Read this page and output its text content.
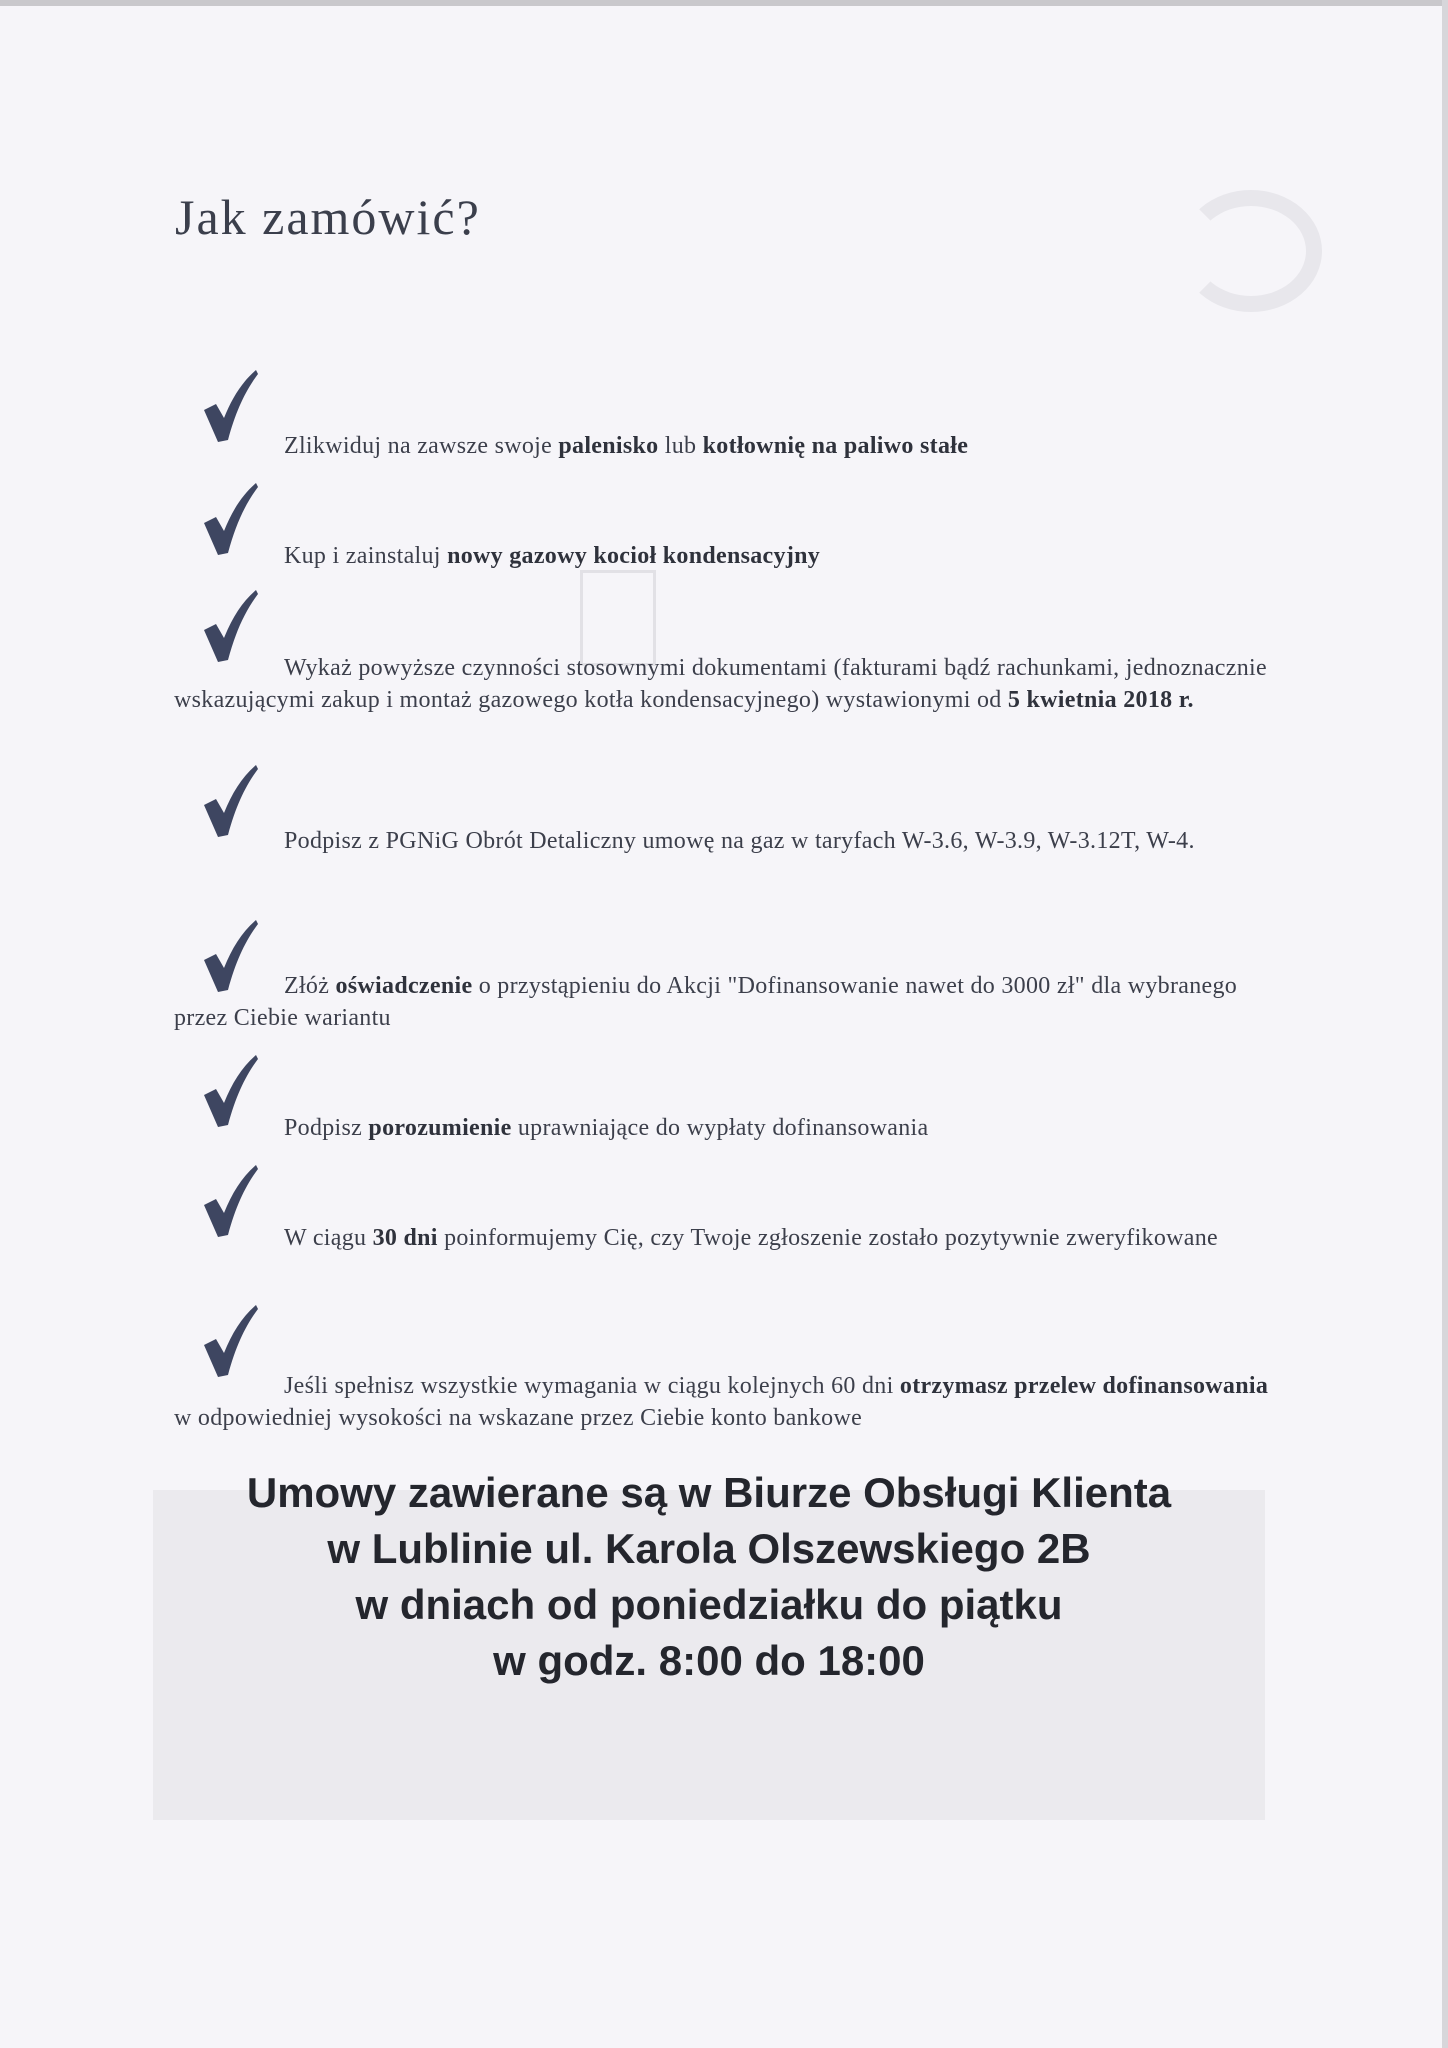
Jak zamówić?
Zlikwiduj na zawsze swoje palenisko lub kotłownię na paliwo stałe
Kup i zainstaluj nowy gazowy kocioł kondensacyjny
Wykaż powyższe czynności stosownymi dokumentami (fakturami bądź rachunkami, jednoznacznie wskazującymi zakup i montaż gazowego kotła kondensacyjnego) wystawionymi od 5 kwietnia 2018 r.
Podpisz z PGNiG Obrót Detaliczny umowę na gaz w taryfach W-3.6, W-3.9, W-3.12T, W-4.
Złóż oświadczenie o przystąpieniu do Akcji "Dofinansowanie nawet do 3000 zł" dla wybranego przez Ciebie wariantu
Podpisz porozumienie uprawniające do wypłaty dofinansowania
W ciągu 30 dni poinformujemy Cię, czy Twoje zgłoszenie zostało pozytywnie zweryfikowane
Jeśli spełnisz wszystkie wymagania w ciągu kolejnych 60 dni otrzymasz przelew dofinansowania w odpowiedniej wysokości na wskazane przez Ciebie konto bankowe
Umowy zawierane są w Biurze Obsługi Klienta
w Lublinie ul. Karola Olszewskiego 2B
w dniach od poniedziałku do piątku
w godz. 8:00 do 18:00
